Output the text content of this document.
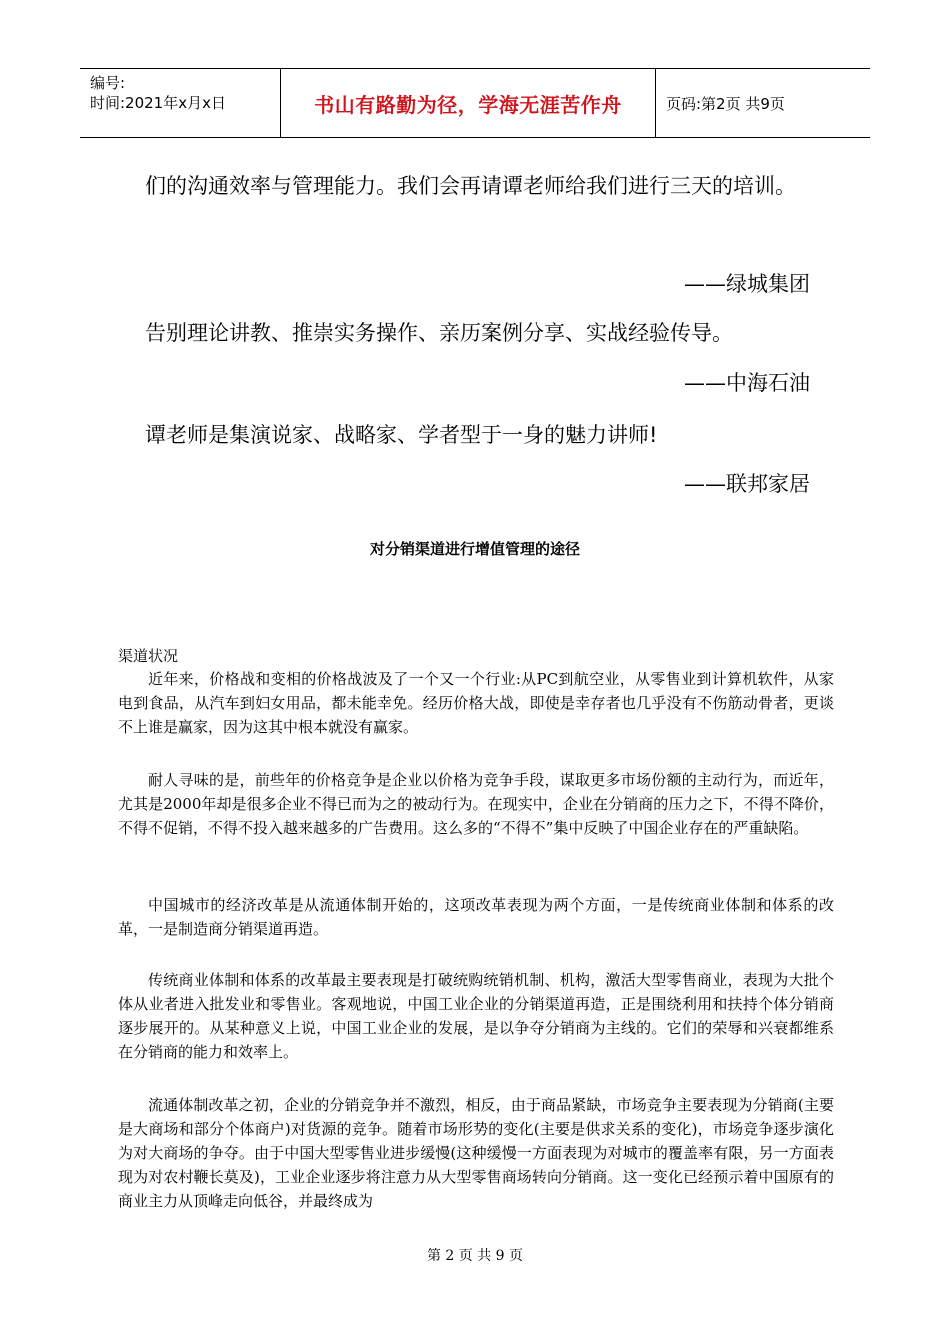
编号:
时间:2021年x月x日	书山有路勤为径，学海无涯苦作舟	页码:第2页 共9页
们的沟通效率与管理能力。我们会再请谭老师给我们进行三天的培训。
——绿城集团
告别理论讲教、推崇实务操作、亲历案例分享、实战经验传导。
——中海石油
谭老师是集演说家、战略家、学者型于一身的魅力讲师!
——联邦家居
对分销渠道进行增值管理的途径

渠道状况

近年来，价格战和变相的价格战波及了一个又一个行业:从PC到航空业，从零售业到计算机软件，从家电到食品，从汽车到妇女用品，都未能幸免。经历价格大战，即使是幸存者也几乎没有不伤筋动骨者，更谈不上谁是赢家，因为这其中根本就没有赢家。

耐人寻味的是，前些年的价格竞争是企业以价格为竞争手段，谋取更多市场份额的主动行为，而近年，尤其是2000年却是很多企业不得已而为之的被动行为。在现实中，企业在分销商的压力之下，不得不降价，不得不促销，不得不投入越来越多的广告费用。这么多的“不得不”集中反映了中国企业存在的严重缺陷。

中国城市的经济改革是从流通体制开始的，这项改革表现为两个方面，一是传统商业体制和体系的改革，一是制造商分销渠道再造。

传统商业体制和体系的改革最主要表现是打破统购统销机制、机构，激活大型零售商业，表现为大批个体从业者进入批发业和零售业。客观地说，中国工业企业的分销渠道再造，正是围绕利用和扶持个体分销商逐步展开的。从某种意义上说，中国工业企业的发展，是以争夺分销商为主线的。它们的荣辱和兴衰都维系在分销商的能力和效率上。

流通体制改革之初，企业的分销竞争并不激烈，相反，由于商品紧缺，市场竞争主要表现为分销商(主要是大商场和部分个体商户)对货源的竞争。随着市场形势的变化(主要是供求关系的变化)，市场竞争逐步演化为对大商场的争夺。由于中国大型零售业进步缓慢(这种缓慢一方面表现为对城市的覆盖率有限，另一方面表现为对农村鞭长莫及)，工业企业逐步将注意力从大型零售商场转向分销商。这一变化已经预示着中国原有的商业主力从顶峰走向低谷，并最终成为

第 2 页 共 9 页
